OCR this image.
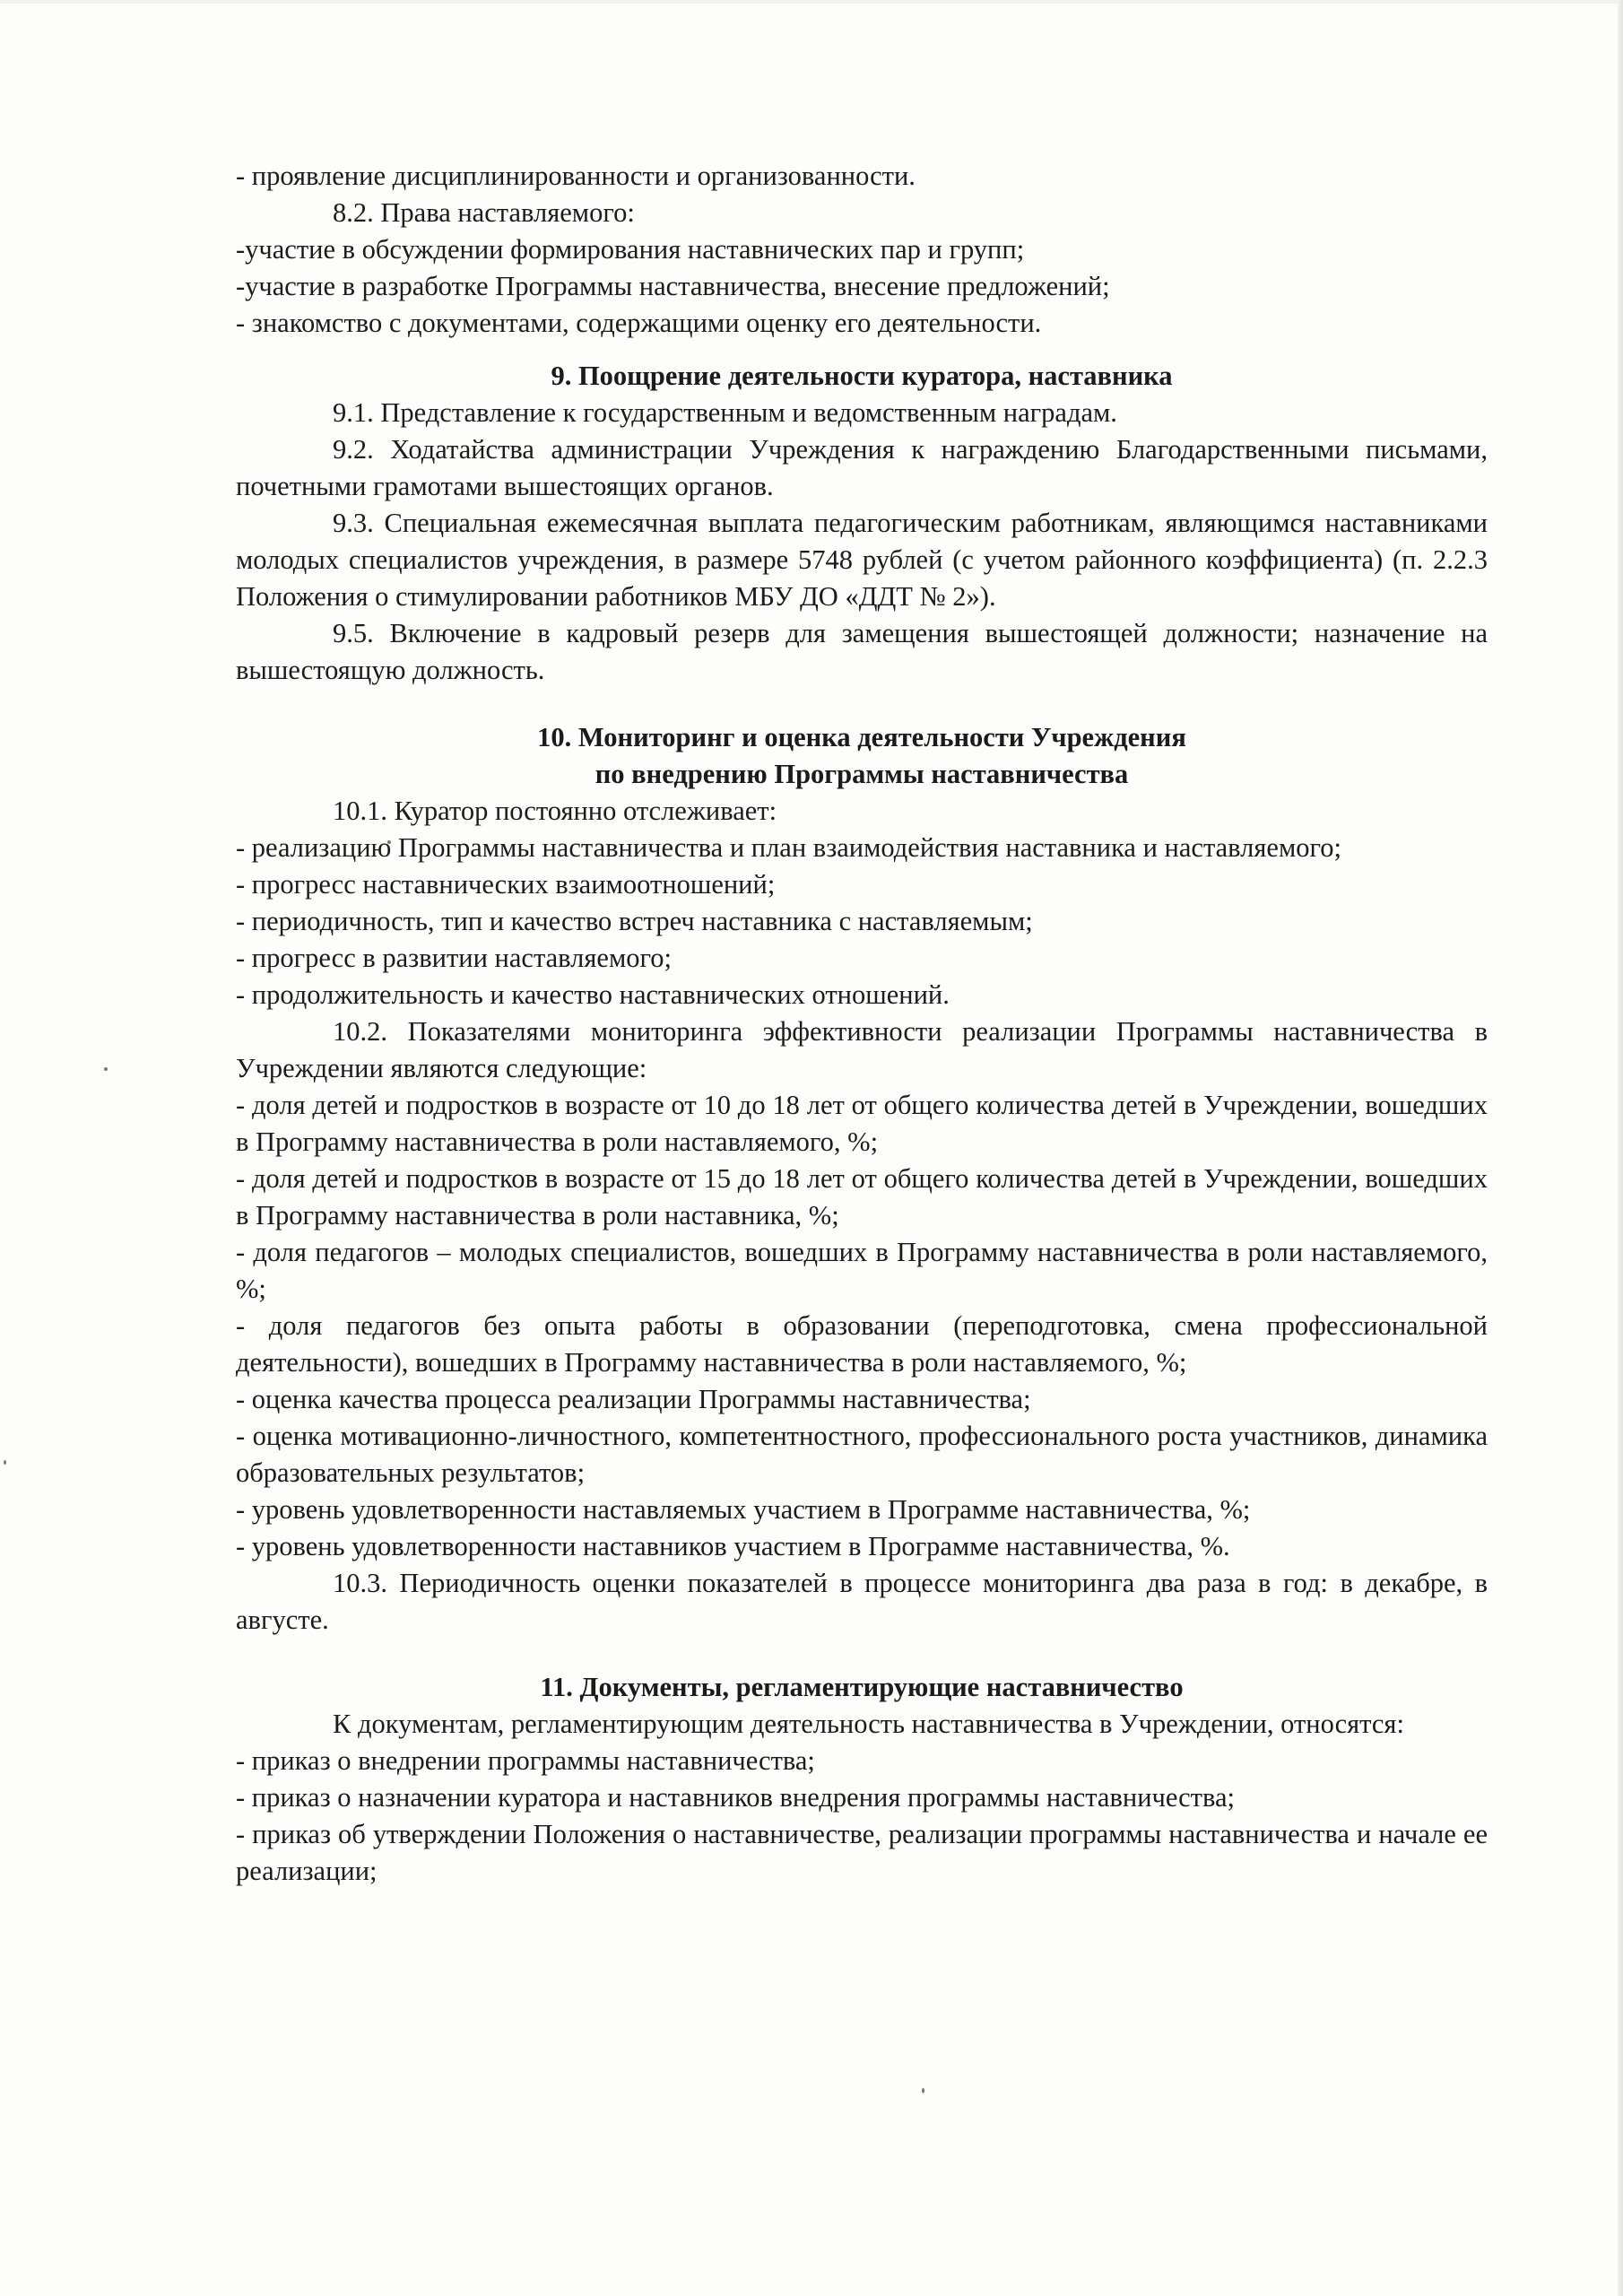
- проявление дисциплинированности и организованности.

8.2. Права наставляемого:

-участие в обсуждении формирования наставнических пар и групп;

-участие в разработке Программы наставничества, внесение предложений;

- знакомство с документами, содержащими оценку его деятельности.

9. Поощрение деятельности куратора, наставника

9.1. Представление к государственным и ведомственным наградам.

9.2. Ходатайства администрации Учреждения к награждению Благодарственными письмами, почетными грамотами вышестоящих органов.

9.3. Специальная ежемесячная выплата педагогическим работникам, являющимся наставниками молодых специалистов учреждения, в размере 5748 рублей (с учетом районного коэффициента) (п. 2.2.3 Положения о стимулировании работников МБУ ДО «ДДТ № 2»).

9.5. Включение в кадровый резерв для замещения вышестоящей должности; назначение на вышестоящую должность.

10. Мониторинг и оценка деятельности Учреждения

по внедрению Программы наставничества

10.1. Куратор постоянно отслеживает:

- реализацию Программы наставничества и план взаимодействия наставника и наставляемого;

- прогресс наставнических взаимоотношений;

- периодичность, тип и качество встреч наставника с наставляемым;

- прогресс в развитии наставляемого;

- продолжительность и качество наставнических отношений.

10.2. Показателями мониторинга эффективности реализации Программы наставничества в Учреждении являются следующие:

- доля детей и подростков в возрасте от 10 до 18 лет от общего количества детей в Учреждении, вошедших в Программу наставничества в роли наставляемого, %;

- доля детей и подростков в возрасте от 15 до 18 лет от общего количества детей в Учреждении, вошедших в Программу наставничества в роли наставника, %;

- доля педагогов – молодых специалистов, вошедших в Программу наставничества в роли наставляемого, %;

- доля педагогов без опыта работы в образовании (переподготовка, смена профессиональной деятельности), вошедших в Программу наставничества в роли наставляемого, %;

- оценка качества процесса реализации Программы наставничества;

- оценка мотивационно-личностного, компетентностного, профессионального роста участников, динамика образовательных результатов;

- уровень удовлетворенности наставляемых участием в Программе наставничества, %;

- уровень удовлетворенности наставников участием в Программе наставничества, %.

10.3. Периодичность оценки показателей в процессе мониторинга два раза в год: в декабре, в августе.

11. Документы, регламентирующие наставничество

К документам, регламентирующим деятельность наставничества в Учреждении, относятся:

- приказ о внедрении программы наставничества;

- приказ о назначении куратора и наставников внедрения программы наставничества;

- приказ об утверждении Положения о наставничестве, реализации программы наставничества и начале ее реализации;
